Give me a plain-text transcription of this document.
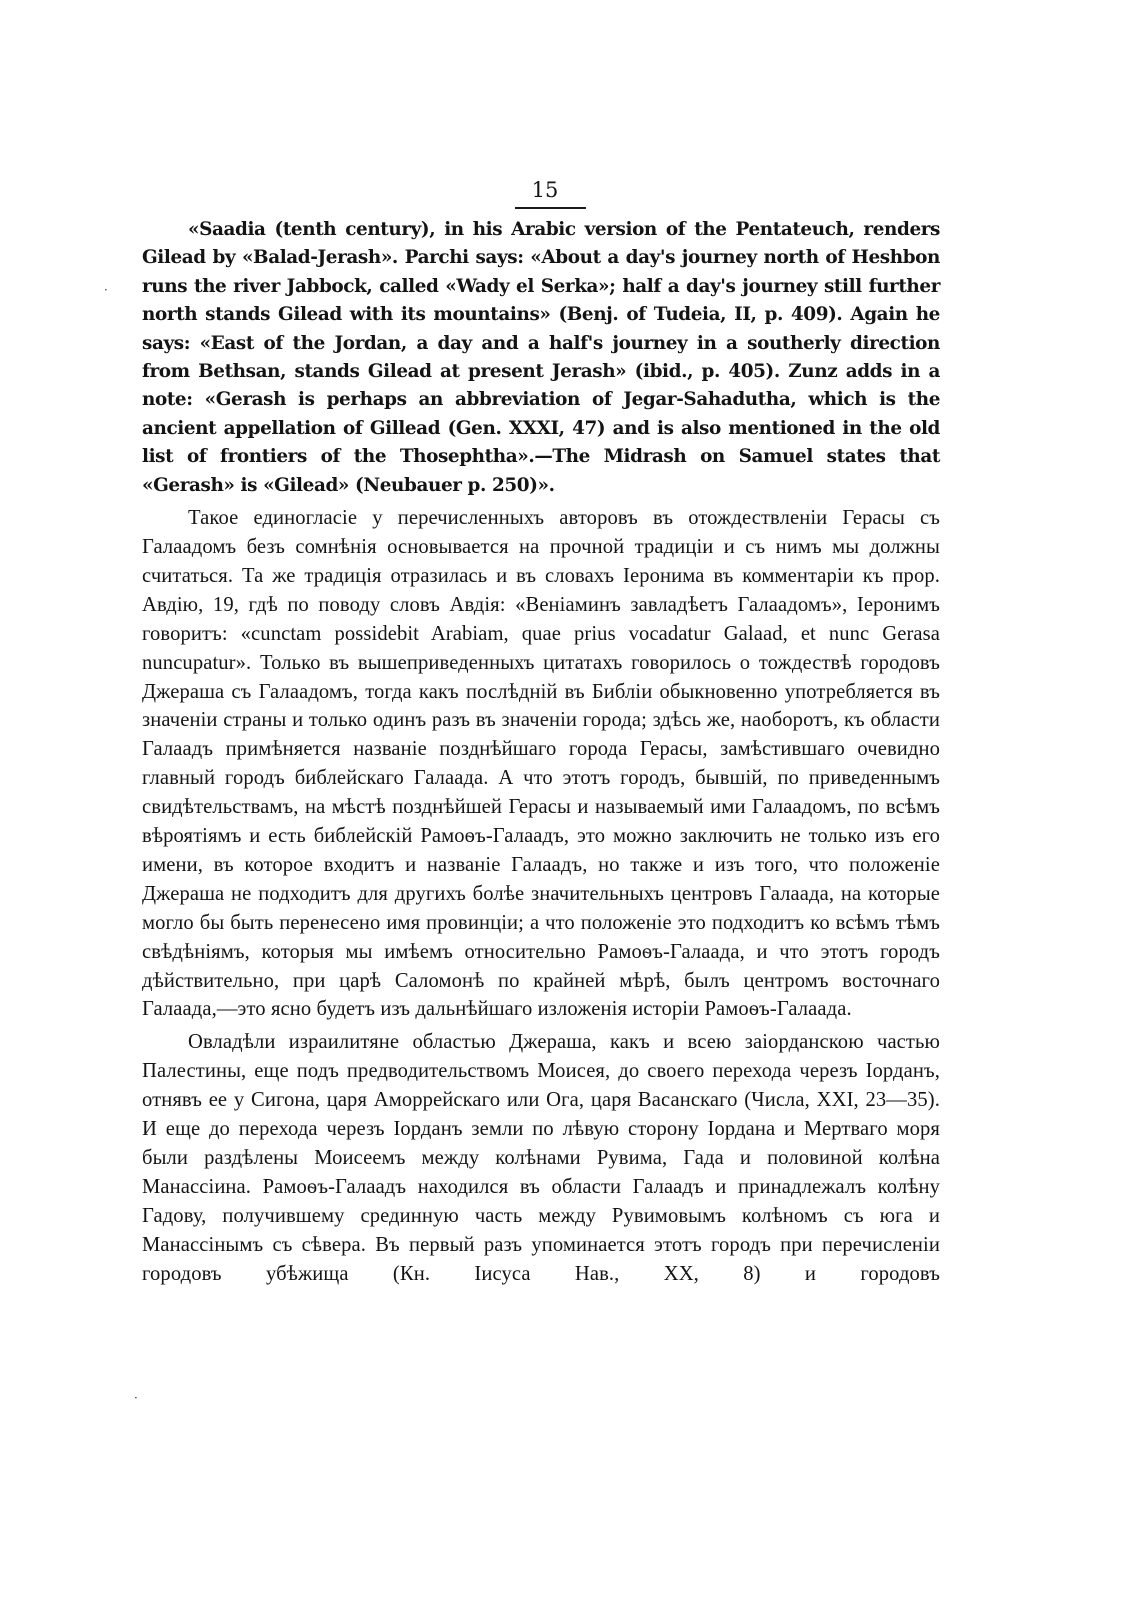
15
·
·

«Saadia (tenth century), in his Arabic version of the Pentateuch, renders Gilead by «Balad-Jerash». Parchi says: «About a day's journey north of Heshbon runs the river Jabbock, called «Wady el Serka»; half a day's journey still further north stands Gilead with its mountains» (Benj. of Tudeia, II, p. 409). Again he says: «East of the Jordan, a day and a half's journey in a southerly direction from Bethsan, stands Gilead at present Jerash» (ibid., p. 405). Zunz adds in a note: «Gerash is perhaps an abbreviation of Jegar-Sahaduthа, which is the ancient appellation of Gillead (Gen. XXXI, 47) and is also mentioned in the old list of frontiers of the Thosephtha».—The Midrash on Samuel states that «Gerash» is «Gilead» (Neubauer p. 250)».

Такое единогласіе у перечисленныхъ авторовъ въ отождествленіи Герасы съ Галаадомъ безъ сомнѣнія основывается на прочной традиціи и съ нимъ мы должны считаться. Та же традиція отразилась и въ словахъ Іеронима въ комментаріи къ прор. Авдію, 19, гдѣ по поводу словъ Авдія: «Веніаминъ завладѣетъ Галаадомъ», Іеронимъ говоритъ: «cunctam possidebit Arabiam, quae prius vocadatur Galaad, et nunc Gerasa nuncupatur». Только въ вышеприведенныхъ цитатахъ говорилось о тождествѣ городовъ Джераша съ Галаадомъ, тогда какъ послѣдній въ Библіи обыкновенно употребляется въ значеніи страны и только одинъ разъ въ значеніи города; здѣсь же, наоборотъ, къ области Галаадъ примѣняется названіе позднѣйшаго города Герасы, замѣстившаго очевидно главный городъ библейскаго Галаада. А что этотъ городъ, бывшій, по приведеннымъ свидѣтельствамъ, на мѣстѣ позднѣйшей Герасы и называемый ими Галаадомъ, по всѣмъ вѣроятіямъ и есть библейскій Рамоѳъ-Галаадъ, это можно заключить не только изъ его имени, въ которое входитъ и названіе Галаадъ, но также и изъ того, что положеніе Джераша не подходитъ для другихъ болѣе значительныхъ центровъ Галаада, на которые могло бы быть перенесено имя провинціи; а что положеніе это подходитъ ко всѣмъ тѣмъ свѣдѣніямъ, которыя мы имѣемъ относительно Рамоѳъ-Галаада, и что этотъ городъ дѣйствительно, при царѣ Саломонѣ по крайней мѣрѣ, былъ центромъ восточнаго Галаада,—это ясно будетъ изъ дальнѣйшаго изложенія исторіи Рамоѳъ-Галаада.

Овладѣли израилитяне областью Джераша, какъ и всею заіорданскою частью Палестины, еще подъ предводительствомъ Моисея, до своего перехода черезъ Іорданъ, отнявъ ее у Сигона, царя Аморрейскаго или Ога, царя Васанскаго (Числа, XXI, 23—35). И еще до перехода черезъ Іорданъ земли по лѣвую сторону Іордана и Мертваго моря были раздѣлены Моисеемъ между колѣнами Рувима, Гада и половиной колѣна Манассіина. Рамоѳъ-Галаадъ находился въ области Галаадъ и принадлежалъ колѣну Гадову, получившему срединную часть между Рувимовымъ колѣномъ съ юга и Манассінымъ съ сѣвера. Въ первый разъ упоминается этотъ городъ при перечисленіи городовъ убѣжища (Кн. Іисуса Нав., XX, 8) и городовъ
